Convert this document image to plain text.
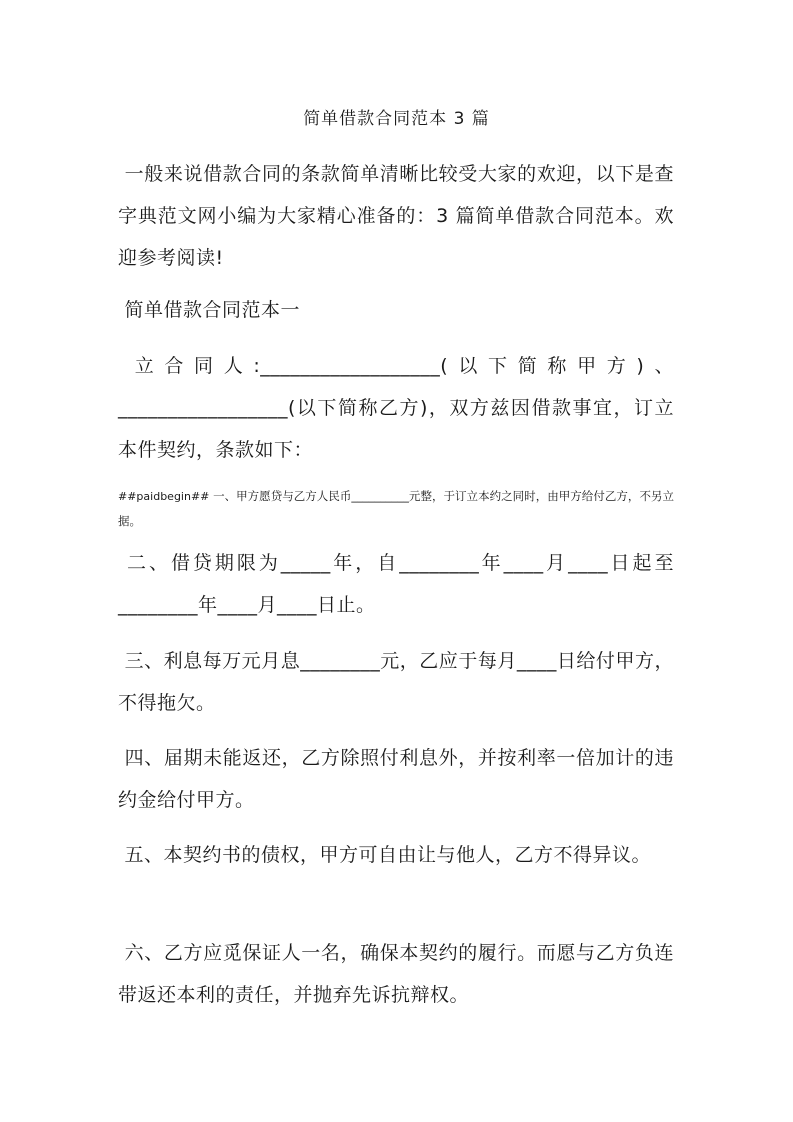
简单借款合同范本 3 篇
一般来说借款合同的条款简单清晰比较受大家的欢迎，以下是查字典范文网小编为大家精心准备的：3 篇简单借款合同范本。欢迎参考阅读!
简单借款合同范本一
立合同人:__________________(以下简称甲方)、_________________(以下简称乙方)，双方兹因借款事宜，订立本件契约，条款如下：
##paidbegin## 一、甲方愿贷与乙方人民币__________元整，于订立本约之同时，由甲方给付乙方，不另立据。
二、借贷期限为_____年，自________年____月____日起至________年____月____日止。
三、利息每万元月息________元，乙应于每月____日给付甲方，不得拖欠。
四、届期未能返还，乙方除照付利息外，并按利率一倍加计的违约金给付甲方。
五、本契约书的债权，甲方可自由让与他人，乙方不得异议。
六、乙方应觅保证人一名，确保本契约的履行。而愿与乙方负连带返还本利的责任，并抛弃先诉抗辩权。
